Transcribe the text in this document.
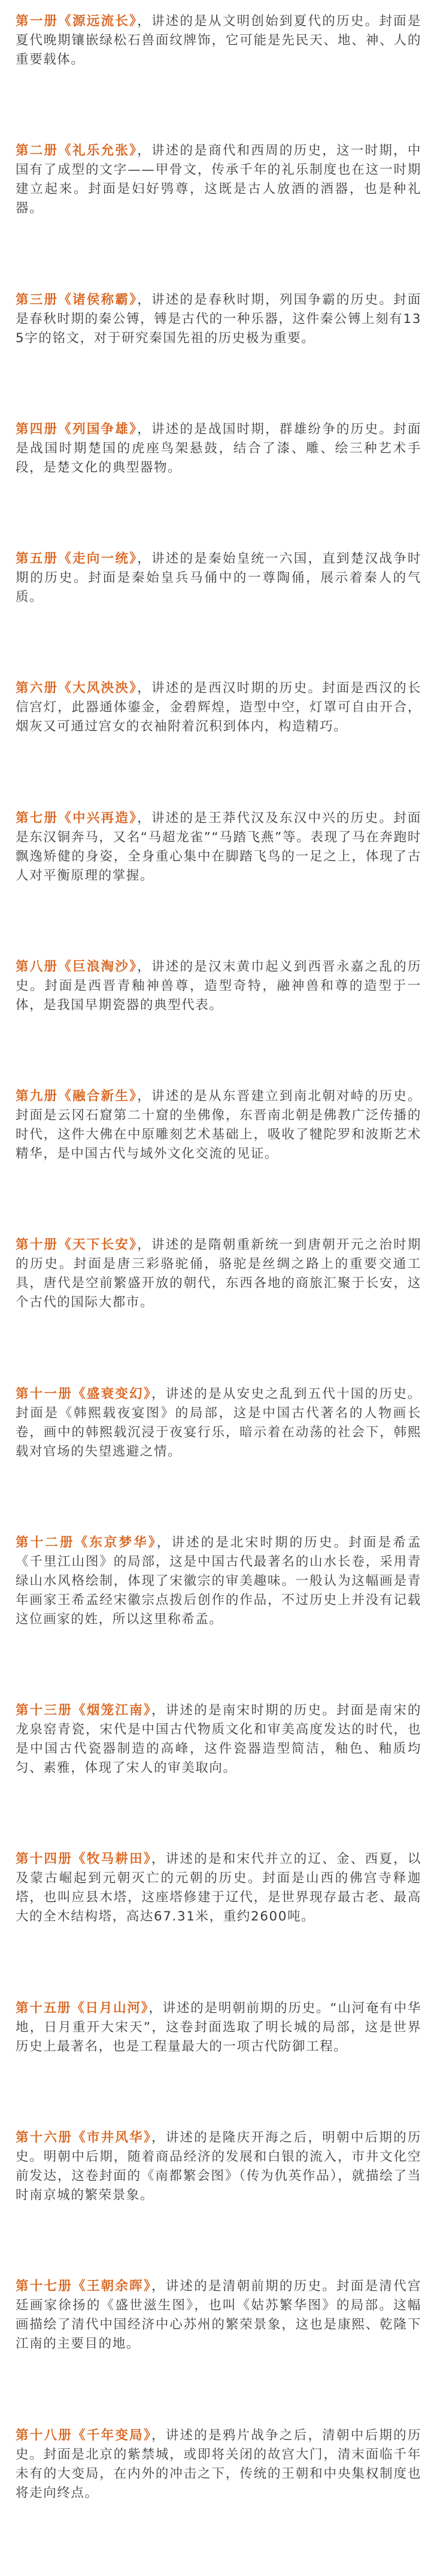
第一册《源远流长》，讲述的是从文明创始到夏代的历史。封面是夏代晚期镶嵌绿松石兽面纹牌饰，它可能是先民天、地、神、人的重要载体。

第二册《礼乐允张》，讲述的是商代和西周的历史，这一时期，中国有了成型的文字——甲骨文，传承千年的礼乐制度也在这一时期建立起来。封面是妇好鸮尊，这既是古人放酒的酒器，也是种礼器。

第三册《诸侯称霸》，讲述的是春秋时期，列国争霸的历史。封面是春秋时期的秦公镈，镈是古代的一种乐器，这件秦公镈上刻有135字的铭文，对于研究秦国先祖的历史极为重要。

第四册《列国争雄》，讲述的是战国时期，群雄纷争的历史。封面是战国时期楚国的虎座鸟架悬鼓，结合了漆、雕、绘三种艺术手段，是楚文化的典型器物。

第五册《走向一统》，讲述的是秦始皇统一六国，直到楚汉战争时期的历史。封面是秦始皇兵马俑中的一尊陶俑，展示着秦人的气质。

第六册《大风泱泱》，讲述的是西汉时期的历史。封面是西汉的长信宫灯，此器通体鎏金，金碧辉煌，造型中空，灯罩可自由开合，烟灰又可通过宫女的衣袖附着沉积到体内，构造精巧。

第七册《中兴再造》，讲述的是王莽代汉及东汉中兴的历史。封面是东汉铜奔马，又名“马超龙雀”“马踏飞燕”等。表现了马在奔跑时飘逸矫健的身姿，全身重心集中在脚踏飞鸟的一足之上，体现了古人对平衡原理的掌握。

第八册《巨浪淘沙》，讲述的是汉末黄巾起义到西晋永嘉之乱的历史。封面是西晋青釉神兽尊，造型奇特，融神兽和尊的造型于一体，是我国早期瓷器的典型代表。

第九册《融合新生》，讲述的是从东晋建立到南北朝对峙的历史。封面是云冈石窟第二十窟的坐佛像，东晋南北朝是佛教广泛传播的时代，这件大佛在中原雕刻艺术基础上，吸收了犍陀罗和波斯艺术精华，是中国古代与域外文化交流的见证。

第十册《天下长安》，讲述的是隋朝重新统一到唐朝开元之治时期的历史。封面是唐三彩骆驼俑，骆驼是丝绸之路上的重要交通工具，唐代是空前繁盛开放的朝代，东西各地的商旅汇聚于长安，这个古代的国际大都市。

第十一册《盛衰变幻》，讲述的是从安史之乱到五代十国的历史。封面是《韩熙载夜宴图》的局部，这是中国古代著名的人物画长卷，画中的韩熙载沉浸于夜宴行乐，暗示着在动荡的社会下，韩熙载对官场的失望逃避之情。

第十二册《东京梦华》，讲述的是北宋时期的历史。封面是希孟《千里江山图》的局部，这是中国古代最著名的山水长卷，采用青绿山水风格绘制，体现了宋徽宗的审美趣味。一般认为这幅画是青年画家王希孟经宋徽宗点拨后创作的作品，不过历史上并没有记载这位画家的姓，所以这里称希孟。

第十三册《烟笼江南》，讲述的是南宋时期的历史。封面是南宋的龙泉窑青瓷，宋代是中国古代物质文化和审美高度发达的时代，也是中国古代瓷器制造的高峰，这件瓷器造型简洁，釉色、釉质均匀、素雅，体现了宋人的审美取向。

第十四册《牧马耕田》，讲述的是和宋代并立的辽、金、西夏，以及蒙古崛起到元朝灭亡的元朝的历史。封面是山西的佛宫寺释迦塔，也叫应县木塔，这座塔修建于辽代，是世界现存最古老、最高大的全木结构塔，高达67.31米，重约2600吨。

第十五册《日月山河》，讲述的是明朝前期的历史。“山河奄有中华地，日月重开大宋天”，这卷封面选取了明长城的局部，这是世界历史上最著名，也是工程量最大的一项古代防御工程。

第十六册《市井风华》，讲述的是隆庆开海之后，明朝中后期的历史。明朝中后期，随着商品经济的发展和白银的流入，市井文化空前发达，这卷封面的《南都繁会图》（传为仇英作品），就描绘了当时南京城的繁荣景象。

第十七册《王朝余晖》，讲述的是清朝前期的历史。封面是清代宫廷画家徐扬的《盛世滋生图》，也叫《姑苏繁华图》的局部。这幅画描绘了清代中国经济中心苏州的繁荣景象，这也是康熙、乾隆下江南的主要目的地。

第十八册《千年变局》，讲述的是鸦片战争之后，清朝中后期的历史。封面是北京的紫禁城，或即将关闭的故宫大门，清末面临千年未有的大变局，在内外的冲击之下，传统的王朝和中央集权制度也将走向终点。
